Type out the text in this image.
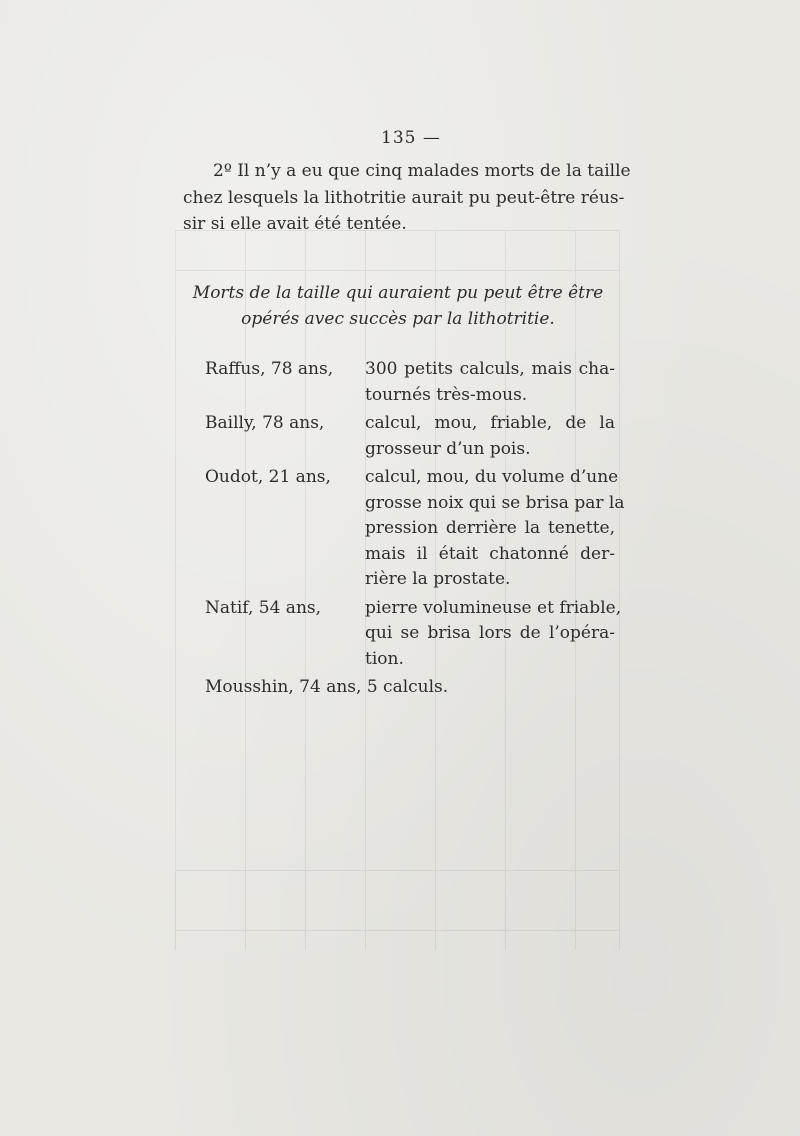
135 —
2º Il n’y a eu que cinq malades morts de la taille
chez lesquels la lithotritie aurait pu peut-être réus-
sir si elle avait été tentée.
Morts de la taille qui auraient pu peut être être
opérés avec succès par la lithotritie.
Raffus, 78 ans, 300 petits calculs, mais cha-
tournés très-mous.
Bailly, 78 ans, calcul, mou, friable, de la
grosseur d’un pois.
Oudot, 21 ans, calcul, mou, du volume d’une
grosse noix qui se brisa par la
pression derrière la tenette,
mais il était chatonné der-
rière la prostate.
Natif, 54 ans,	pierre volumineuse et friable,
qui se brisa lors de l’opéra-
tion.
Mousshin, 74 ans, 5 calculs.
